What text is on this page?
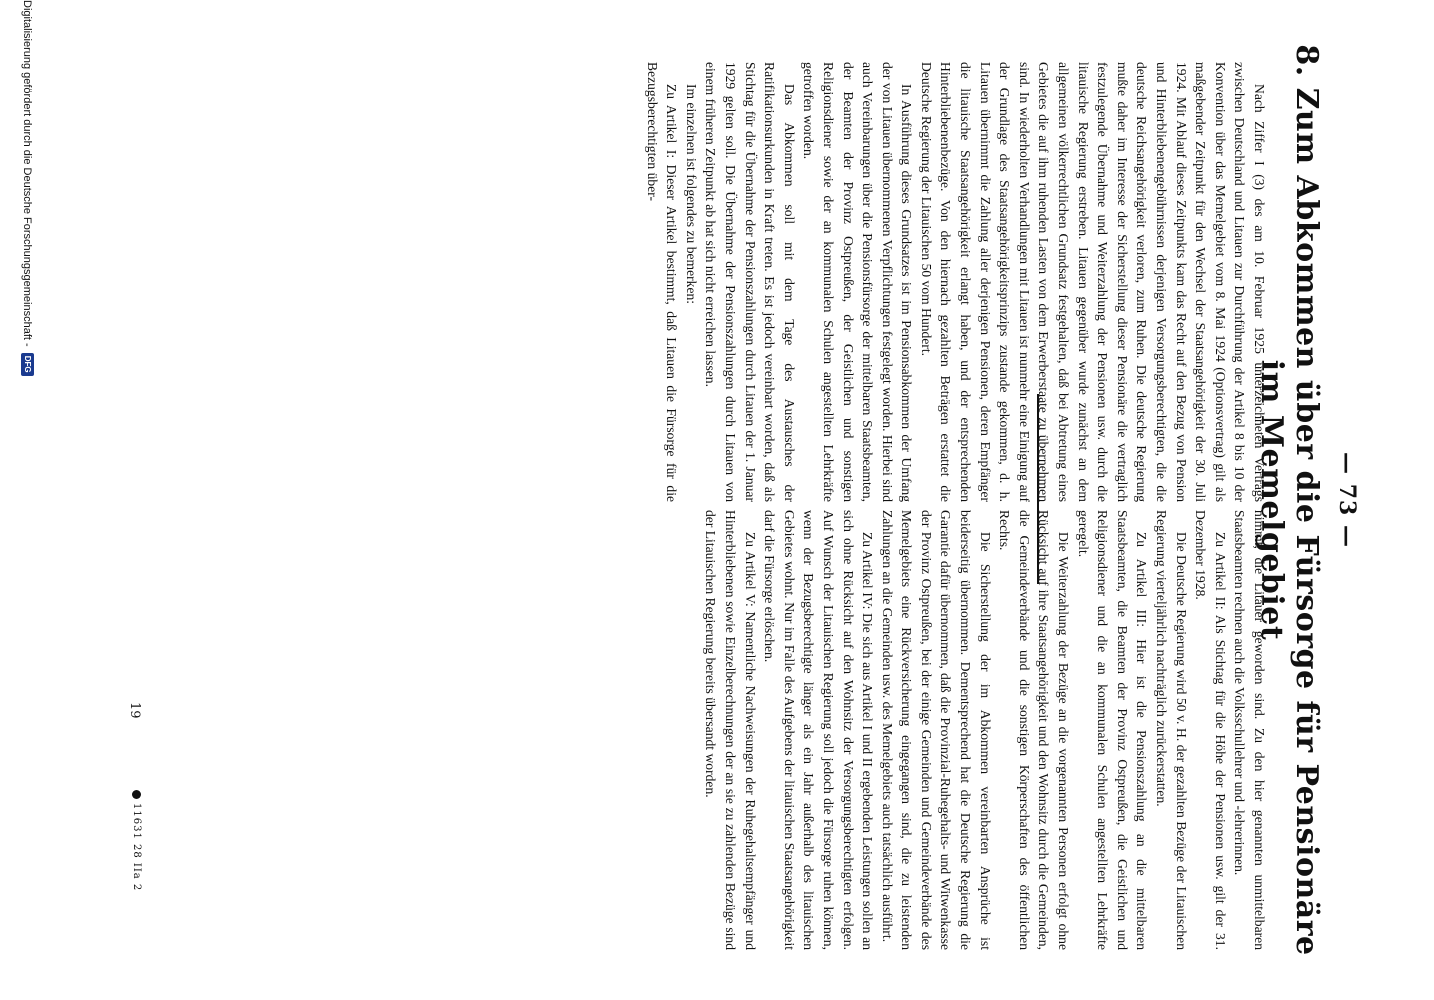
— 73 —
8. Zum Abkommen über die Fürsorge für Pensionäre im Memelgebiet

Nach Ziffer I (3) des am 10. Februar 1925 unterzeichneten Vertrags zwischen Deutschland und Litauen zur Durchführung der Artikel 8 bis 10 der Konvention über das Memelgebiet vom 8. Mai 1924 (Optionsvertrag) gilt als maßgebender Zeitpunkt für den Wechsel der Staatsangehörigkeit der 30. Juli 1924. Mit Ablauf dieses Zeitpunkts kam das Recht auf den Bezug von Pension und Hinterbliebenengebührnissen derjenigen Versorgungsberechtigten, die die deutsche Reichsangehörigkeit verloren, zum Ruhen. Die deutsche Regierung mußte daher im Interesse der Sicherstellung dieser Pensionäre die vertraglich festzulegende Übernahme und Weiterzahlung der Pensionen usw. durch die litauische Regierung erstreben. Litauen gegenüber wurde zunächst an dem allgemeinen völkerrechtlichen Grundsatz festgehalten, daß bei Abtretung eines Gebietes die auf ihm ruhenden Lasten von dem Erwerberstaate zu übernehmen sind. In wiederholten Verhandlungen mit Litauen ist nunmehr eine Einigung auf der Grundlage des Staatsangehörigkeitsprinzips zustande gekommen, d. h. Litauen übernimmt die Zahlung aller derjenigen Pensionen, deren Empfänger die litauische Staatsangehörigkeit erlangt haben, und der entsprechenden Hinterbliebenenbezüge. Von den hiernach gezahlten Beträgen erstattet die Deutsche Regierung der Litauischen 50 vom Hundert.

In Ausführung dieses Grundsatzes ist im Pensionsabkommen der Umfang der von Litauen übernommenen Verpflichtungen festgelegt worden. Hierbei sind auch Vereinbarungen über die Pensionsfürsorge der mittelbaren Staatsbeamten, der Beamten der Provinz Ostpreußen, der Geistlichen und sonstigen Religionsdiener sowie der an kommunalen Schulen angestellten Lehrkräfte getroffen worden.

Das Abkommen soll mit dem Tage des Austausches der Ratifikationsurkunden in Kraft treten. Es ist jedoch vereinbart worden, daß als Stichtag für die Übernahme der Pensionszahlungen durch Litauen der 1. Januar 1929 gelten soll. Die Übernahme der Pensionszahlungen durch Litauen von einem früheren Zeitpunkt ab hat sich nicht erreichen lassen.

Im einzelnen ist folgendes zu bemerken:

Zu Artikel I: Dieser Artikel bestimmt, daß Litauen die Fürsorge für die Bezugsberechtigten über-

nimmt, die Litauer geworden sind. Zu den hier genannten unmittelbaren Staatsbeamten rechnen auch die Volksschullehrer und -lehrerinnen.

Zu Artikel II: Als Stichtag für die Höhe der Pensionen usw. gilt der 31. Dezember 1928.

Die Deutsche Regierung wird 50 v. H. der gezahlten Bezüge der Litauischen Regierung vierteljährlich nachträglich zurückerstatten.

Zu Artikel III: Hier ist die Pensionszahlung an die mittelbaren Staatsbeamten, die Beamten der Provinz Ostpreußen, die Geistlichen und Religionsdiener und die an kommunalen Schulen angestellten Lehrkräfte geregelt.

Die Weiterzahlung der Bezüge an die vorgenannten Personen erfolgt ohne Rücksicht auf ihre Staatsangehörigkeit und den Wohnsitz durch die Gemeinden, die Gemeindeverbände und die sonstigen Körperschaften des öffentlichen Rechts.

Die Sicherstellung der im Abkommen vereinbarten Ansprüche ist beiderseitig übernommen. Dementsprechend hat die Deutsche Regierung die Garantie dafür übernommen, daß die Provinzial-Ruhegehalts- und Witwenkasse der Provinz Ostpreußen, bei der einige Gemeinden und Gemeindeverbände des Memelgebiets eine Rückversicherung eingegangen sind, die zu leistenden Zahlungen an die Gemeinden usw. des Memelgebiets auch tatsächlich ausführt.

Zu Artikel IV: Die sich aus Artikel I und II ergebenden Leistungen sollen an sich ohne Rücksicht auf den Wohnsitz der Versorgungsberechtigten erfolgen. Auf Wunsch der Litauischen Regierung soll jedoch die Fürsorge ruhen können, wenn der Bezugsberechtigte länger als ein Jahr außerhalb des litauischen Gebietes wohnt. Nur im Falle des Aufgebens der litauischen Staatsangehörigkeit darf die Fürsorge erlöschen.

Zu Artikel V: Namentliche Nachweisungen der Ruhegehaltsempfänger und Hinterbliebenen sowie Einzelberechnungen der an sie zu zahlenden Bezüge sind der Litauischen Regierung bereits übersandt worden.

19
11631 28 IIa 2
Digitalisierung gefördert durch die Deutsche Forschungsgemeinschaft -
DFG
